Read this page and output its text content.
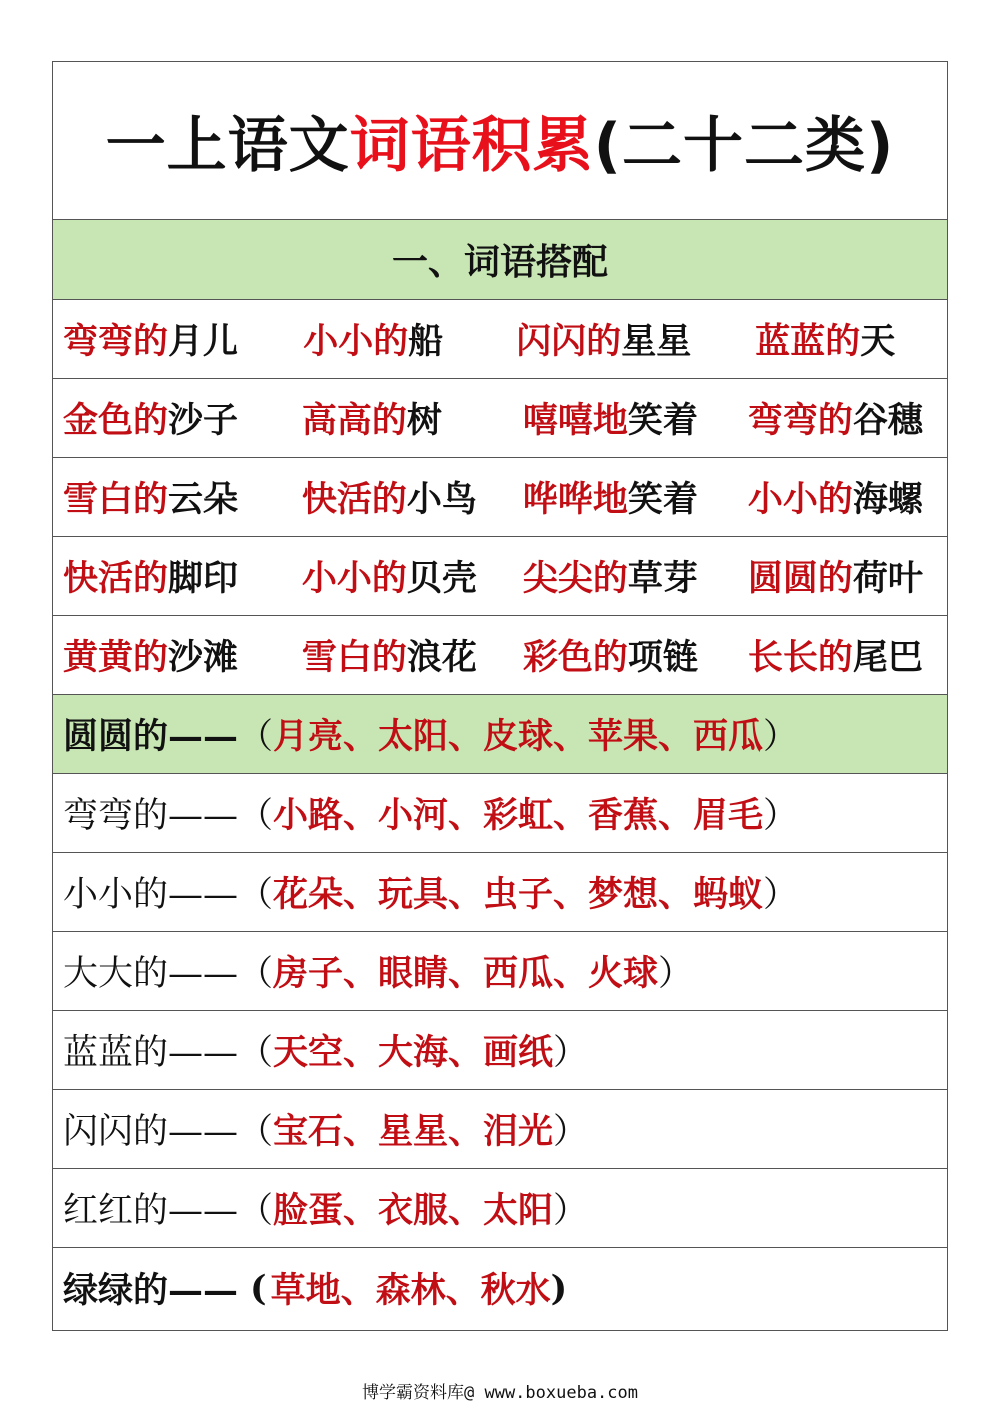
一上语文词语积累(二十二类)
一、词语搭配
弯弯的月儿	小小的船	闪闪的星星	蓝蓝的天
金色的沙子	高高的树	嘻嘻地笑着	弯弯的谷穗
雪白的云朵	快活的小鸟	哗哗地笑着	小小的海螺
快活的脚印	小小的贝壳	尖尖的草芽	圆圆的荷叶
黄黄的沙滩	雪白的浪花	彩色的项链	长长的尾巴
圆圆的—— （ 月亮、太阳、皮球、苹果、西瓜 ）
弯弯的—— （ 小路、小河、彩虹、香蕉、眉毛 ）
小小的—— （ 花朵、玩具、虫子、梦想、蚂蚁 ）
大大的—— （ 房子、眼睛、西瓜、火球 ）
蓝蓝的—— （ 天空、大海、画纸 ）
闪闪的—— （ 宝石、星星、泪光 ）
红红的—— （ 脸蛋、衣服、太阳 ）
绿绿的—— ( 草地、森林、秋水 )
博学霸资料库@ www.boxueba.com
